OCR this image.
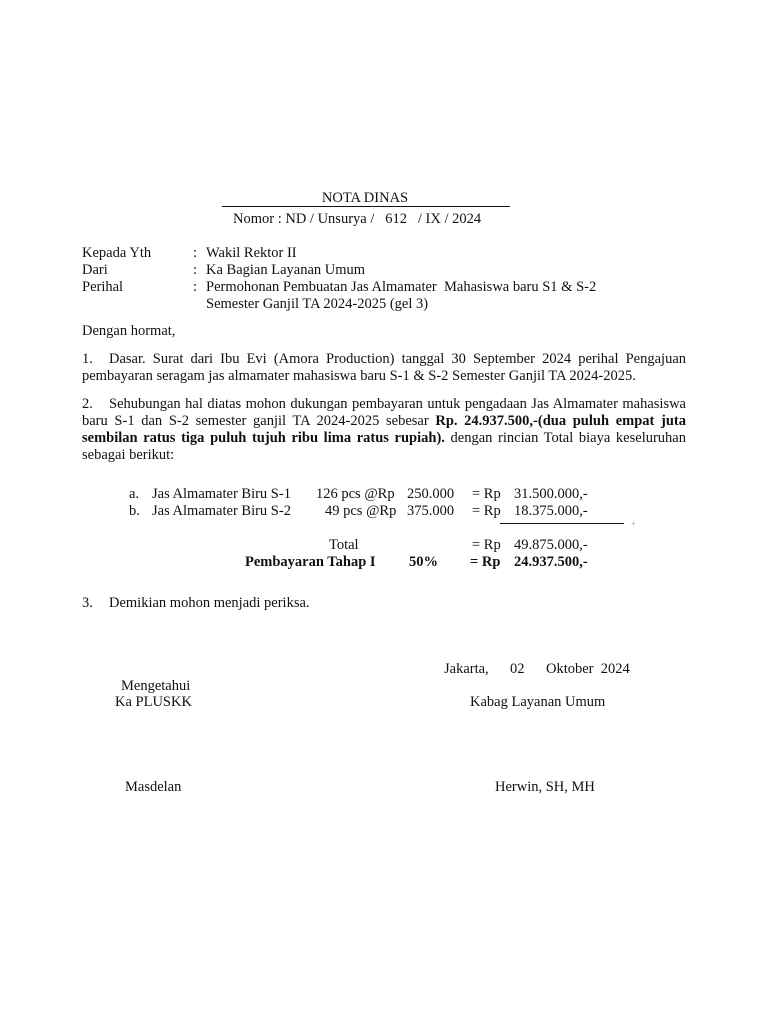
NOTA DINAS
Nomor : ND / Unsurya /   612   / IX / 2024
Kepada Yth	: Wakil Rektor II
Dari	: Ka Bagian Layanan Umum
Perihal	: Permohonan Pembuatan Jas Almamater  Mahasiswa baru S1 & S-2
Semester Ganjil TA 2024-2025 (gel 3)
Dengan hormat,
1. Dasar. Surat dari Ibu Evi (Amora Production) tanggal 30 September 2024 perihal Pengajuan pembayaran seragam jas almamater mahasiswa baru S-1 & S-2 Semester Ganjil TA 2024-2025.
2. Sehubungan hal diatas mohon dukungan pembayaran untuk pengadaan Jas Almamater mahasiswa baru S-1 dan S-2 semester ganjil TA 2024-2025 sebesar Rp. 24.937.500,-(dua puluh empat juta sembilan ratus tiga puluh tujuh ribu lima ratus rupiah). dengan rincian Total biaya keseluruhan sebagai berikut:
a. Jas Almamater Biru S-1 126 pcs @Rp 250.000 = Rp 31.500.000,-
b. Jas Almamater Biru S-2 49 pcs @Rp 375.000 = Rp 18.375.000,-
+
Total	= Rp 49.875.000,-
Pembayaran Tahap I 50% = Rp 24.937.500,-
3. Demikian mohon menjadi periksa.
Jakarta, 02 Oktober  2024
Mengetahui
Ka PLUSKK
Masdelan
Kabag Layanan Umum
Herwin, SH, MH
